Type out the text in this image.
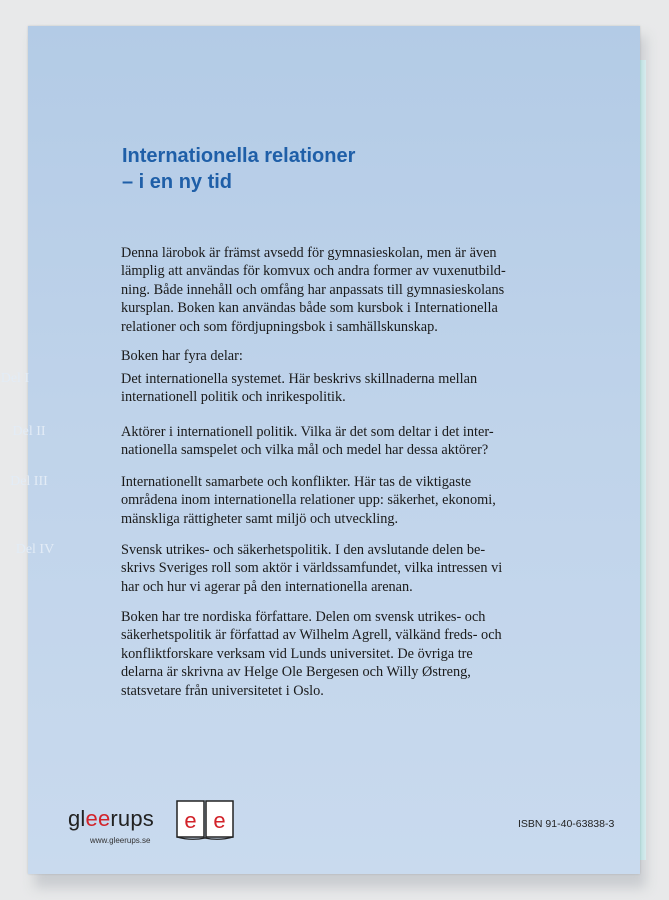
Internationella relationer
– i en ny tid
Denna lärobok är främst avsedd för gymnasieskolan, men är även
lämplig att användas för komvux och andra former av vuxenutbild-
ning. Både innehåll och omfång har anpassats till gymnasieskolans
kursplan. Boken kan användas både som kursbok i Internationella
relationer och som fördjupningsbok i samhällskunskap.
Boken har fyra delar:
Del I	Det internationella systemet. Här beskrivs skillnaderna mellan
internationell politik och inrikespolitik.
Del II	Aktörer i internationell politik. Vilka är det som deltar i det inter-
nationella samspelet och vilka mål och medel har dessa aktörer?
Del III	Internationellt samarbete och konflikter. Här tas de viktigaste
områdena inom internationella relationer upp: säkerhet, ekonomi,
mänskliga rättigheter samt miljö och utveckling.
Del IV	Svensk utrikes- och säkerhetspolitik. I den avslutande delen be-
skrivs Sveriges roll som aktör i världssamfundet, vilka intressen vi
har och hur vi agerar på den internationella arenan.
Boken har tre nordiska författare. Delen om svensk utrikes- och
säkerhetspolitik är författad av Wilhelm Agrell, välkänd freds- och
konfliktforskare verksam vid Lunds universitet. De övriga tre
delarna är skrivna av Helge Ole Bergesen och Willy Østreng,
statsvetare från universitetet i Oslo.
gleerups e e
www.gleerups.se
ISBN 91-40-63838-3
